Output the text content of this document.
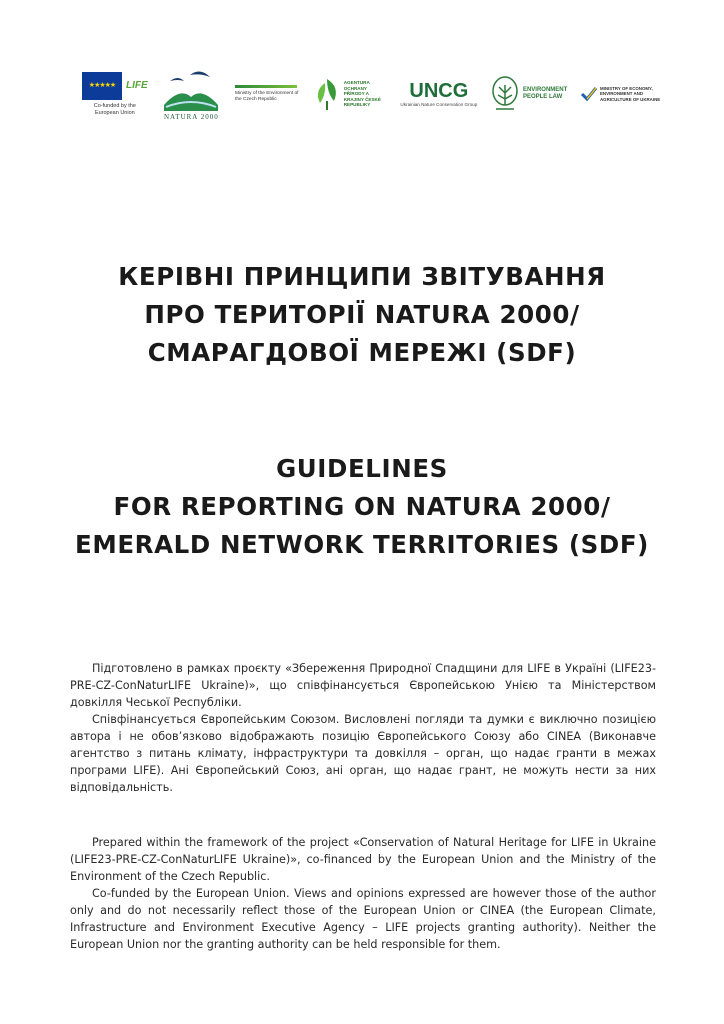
★★★★★ LIFE
Co-funded by the European Union
NATURA 2000
Ministry of the Environment of the Czech Republic
AGENTURA OCHRANY PŘÍRODY A KRAJINY ČESKÉ REPUBLIKY
UNCG
Ukrainian Nature Conservation Group
ENVIRONMENT
PEOPLE LAW
MINISTRY OF ECONOMY, ENVIRONMENT AND AGRICULTURE OF UKRAINE
КЕРІВНІ ПРИНЦИПИ ЗВІТУВАННЯ
ПРО ТЕРИТОРІЇ NATURA 2000/
СМАРАГДОВОЇ МЕРЕЖІ (SDF)
GUIDELINES
FOR REPORTING ON NATURA 2000/
EMERALD NETWORK TERRITORIES (SDF)

Підготовлено в рамках проєкту «Збереження Природної Спадщини для LIFE в Україні (LIFE23-PRE-CZ-ConNaturLIFE Ukraine)», що співфінансується Європейською Унією та Міністерством довкілля Чеської Республіки.

Співфінансується Європейським Союзом. Висловлені погляди та думки є виключно позицією автора і не обов’язково відображають позицію Європейського Союзу або CINEA (Виконавче агентство з питань клімату, інфраструктури та довкілля – орган, що надає гранти в межах програми LIFE). Ані Європейський Союз, ані орган, що надає грант, не можуть нести за них відповідальність.

Prepared within the framework of the project «Conservation of Natural Heritage for LIFE in Ukraine (LIFE23-PRE-CZ-ConNaturLIFE Ukraine)», co-financed by the European Union and the Ministry of the Environment of the Czech Republic.

Co-funded by the European Union. Views and opinions expressed are however those of the author only and do not necessarily reflect those of the European Union or CINEA (the European Climate, Infrastructure and Environment Executive Agency – LIFE projects granting authority). Neither the European Union nor the granting authority can be held responsible for them.
